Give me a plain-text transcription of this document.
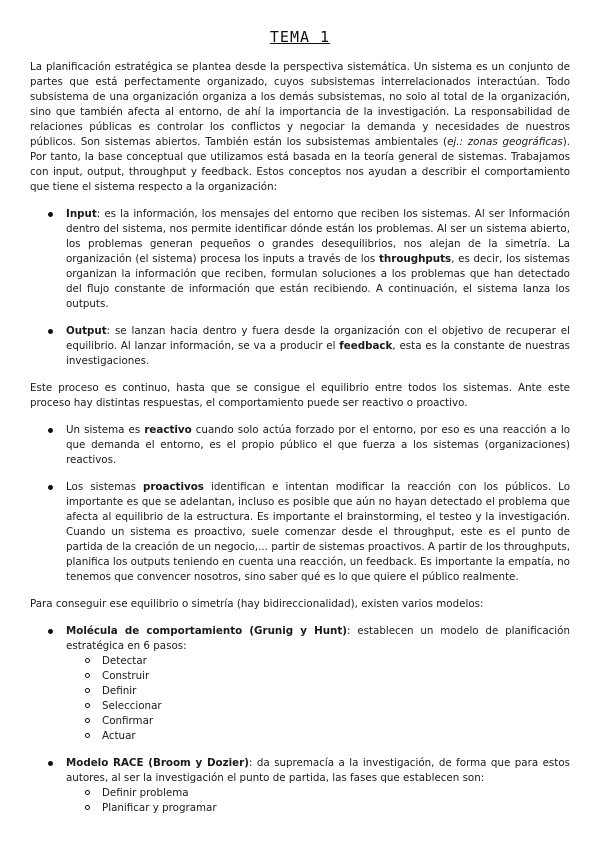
TEMA 1

La planificación estratégica se plantea desde la perspectiva sistemática. Un sistema es un conjunto de partes que está perfectamente organizado, cuyos subsistemas interrelacionados interactúan. Todo subsistema de una organización organiza a los demás subsistemas, no solo al total de la organización, sino que también afecta al entorno, de ahí la importancia de la investigación. La responsabilidad de relaciones públicas es controlar los conflictos y negociar la demanda y necesidades de nuestros públicos. Son sistemas abiertos. También están los subsistemas ambientales (ej.: zonas geográficas). Por tanto, la base conceptual que utilizamos está basada en la teoría general de sistemas. Trabajamos con input, output, throughput y feedback. Estos conceptos nos ayudan a describir el comportamiento que tiene el sistema respecto a la organización:

Input: es la información, los mensajes del entorno que reciben los sistemas. Al ser Información dentro del sistema, nos permite identificar dónde están los problemas. Al ser un sistema abierto, los problemas generan pequeños o grandes desequilibrios, nos alejan de la simetría. La organización (el sistema) procesa los inputs a través de los throughputs, es decir, los sistemas organizan la información que reciben, formulan soluciones a los problemas que han detectado del flujo constante de información que están recibiendo. A continuación, el sistema lanza los outputs.
Output: se lanzan hacia dentro y fuera desde la organización con el objetivo de recuperar el equilibrio. Al lanzar información, se va a producir el feedback, esta es la constante de nuestras investigaciones.

Este proceso es continuo, hasta que se consigue el equilibrio entre todos los sistemas. Ante este proceso hay distintas respuestas, el comportamiento puede ser reactivo o proactivo.

Un sistema es reactivo cuando solo actúa forzado por el entorno, por eso es una reacción a lo que demanda el entorno, es el propio público el que fuerza a los sistemas (organizaciones) reactivos.
Los sistemas proactivos identifican e intentan modificar la reacción con los públicos. Lo importante es que se adelantan, incluso es posible que aún no hayan detectado el problema que afecta al equilibrio de la estructura. Es importante el brainstorming, el testeo y la investigación. Cuando un sistema es proactivo, suele comenzar desde el throughput, este es el punto de partida de la creación de un negocio,... partir de sistemas proactivos. A partir de los throughputs, planifica los outputs teniendo en cuenta una reacción, un feedback. Es importante la empatía, no tenemos que convencer nosotros, sino saber qué es lo que quiere el público realmente.

Para conseguir ese equilibrio o simetría (hay bidireccionalidad), existen varios modelos:

Molécula de comportamiento (Grunig y Hunt): establecen un modelo de planificación estratégica en 6 pasos:
Detectar
Construir
Definir
Seleccionar
Confirmar
Actuar
Modelo RACE (Broom y Dozier): da supremacía a la investigación, de forma que para estos autores, al ser la investigación el punto de partida, las fases que establecen son:
Definir problema
Planificar y programar
